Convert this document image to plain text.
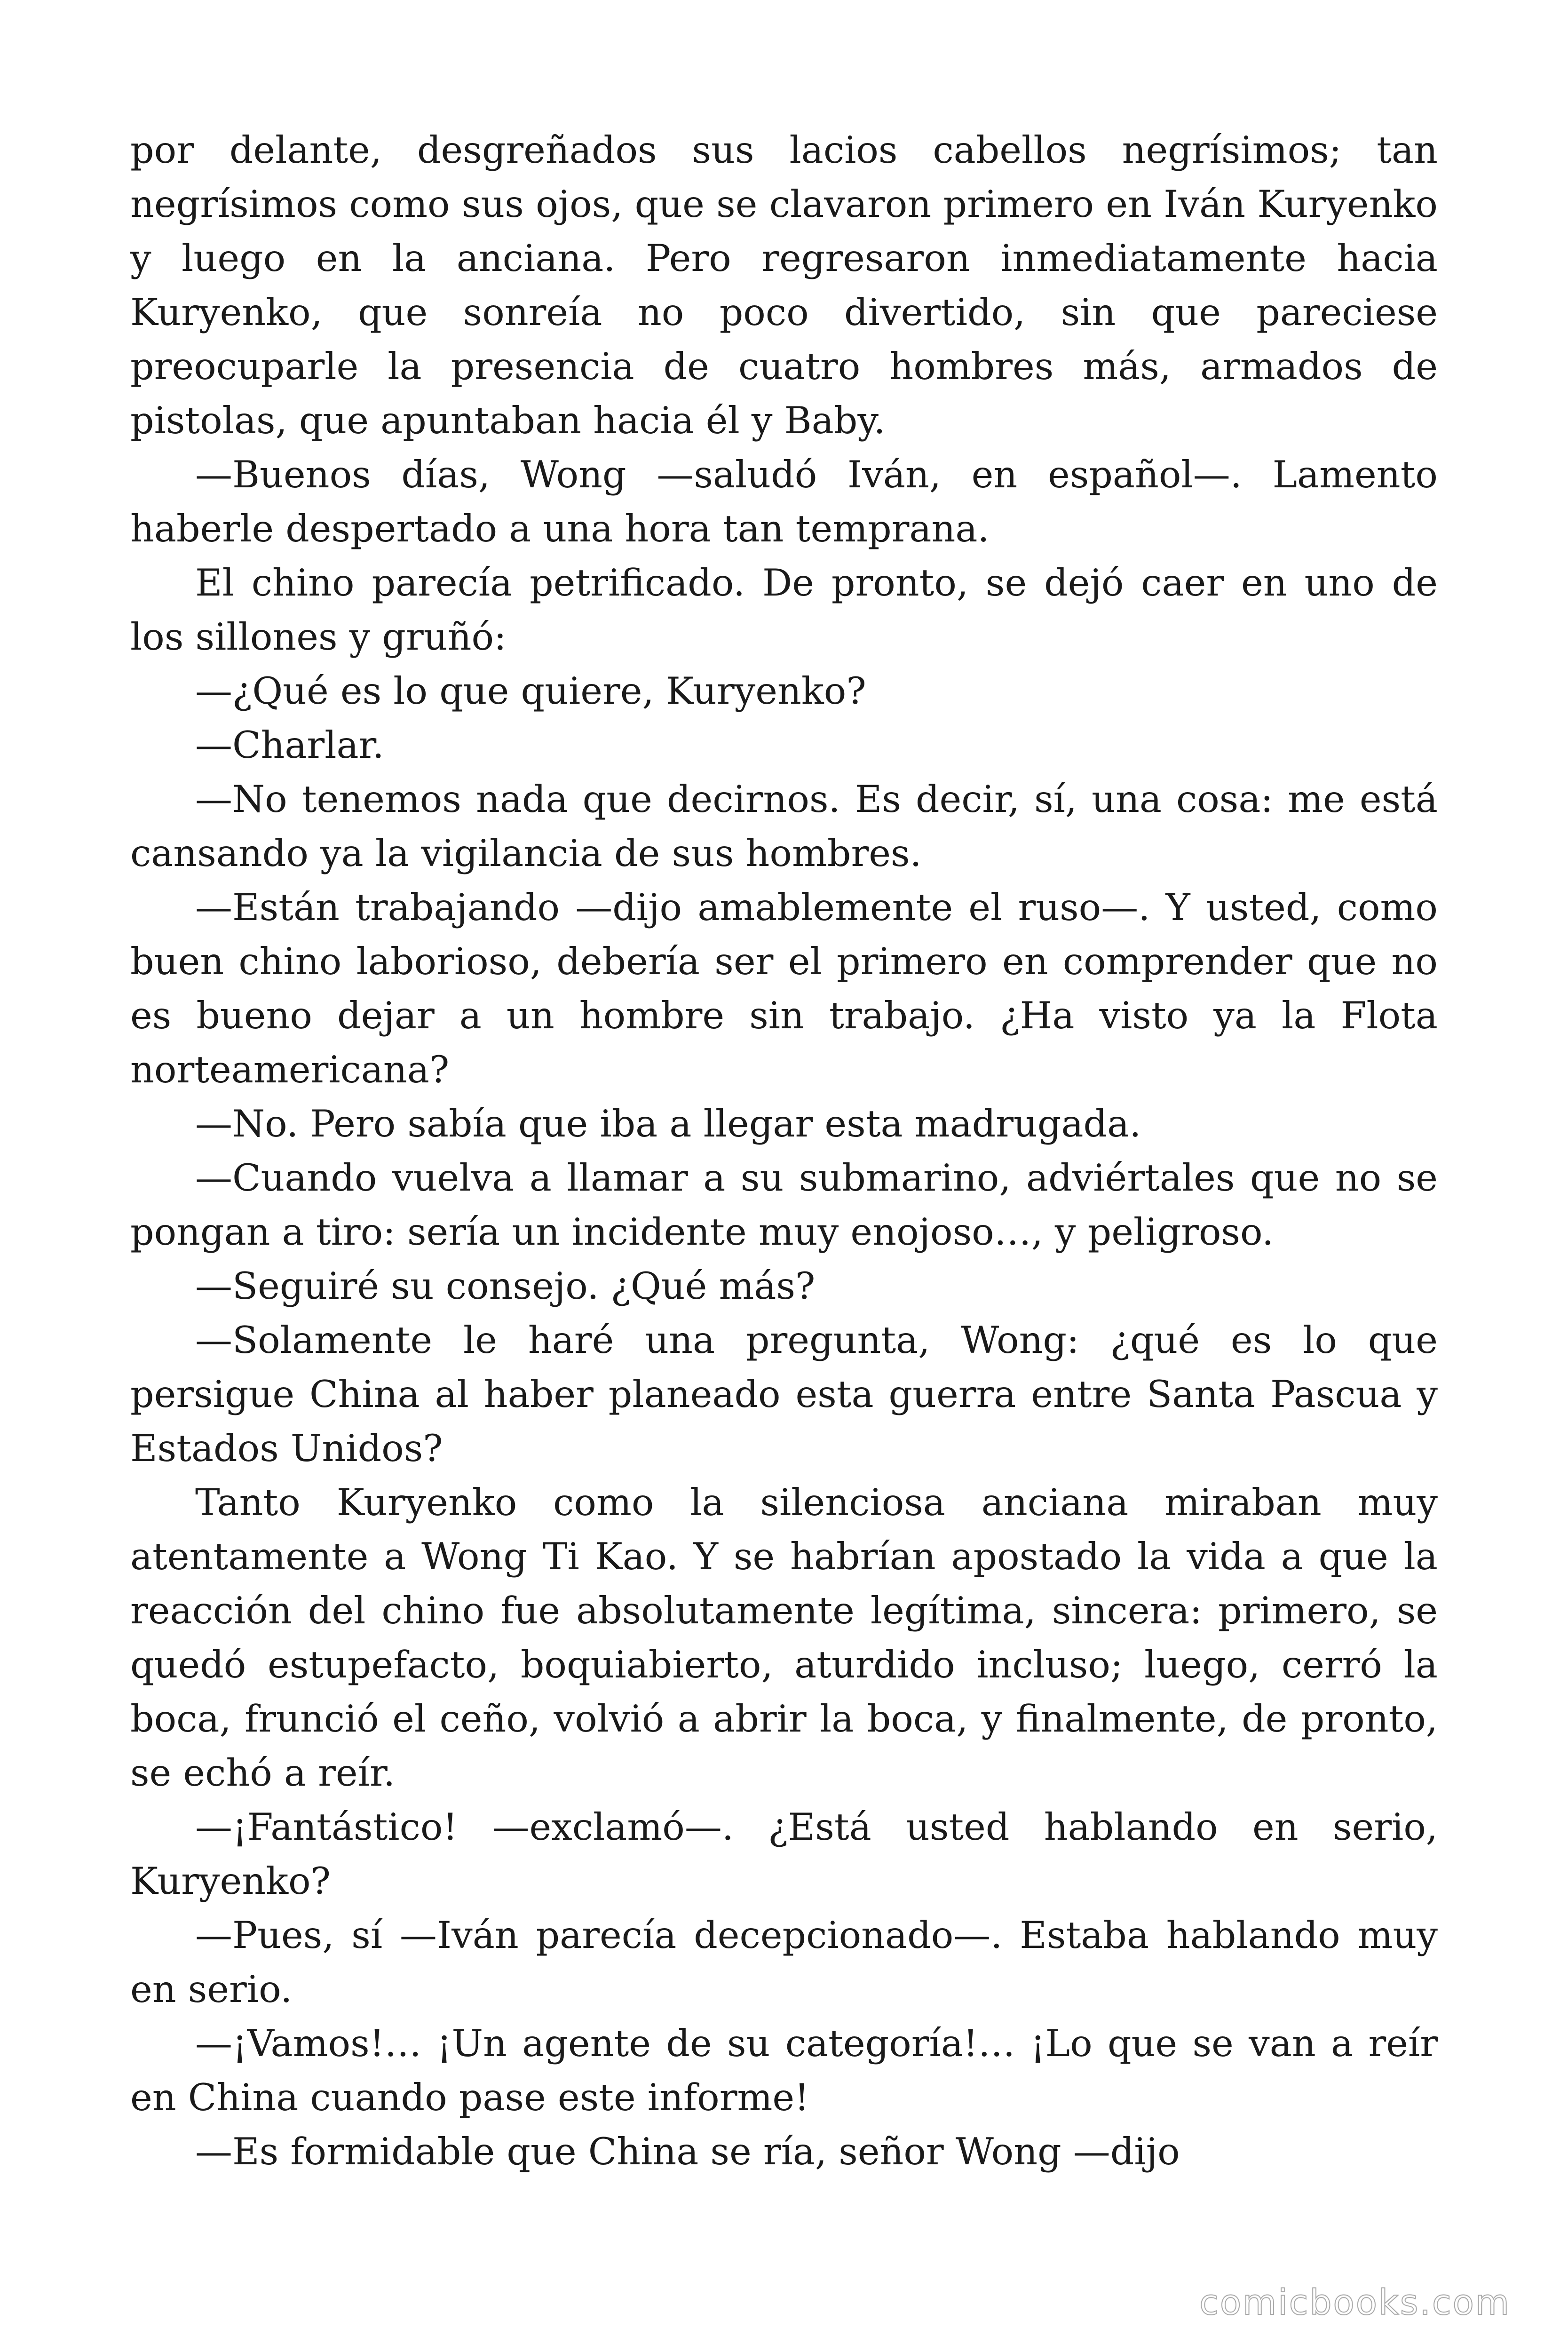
por delante, desgreñados sus lacios cabellos negrísimos; tan negrísimos como sus ojos, que se clavaron primero en Iván Kuryenko y luego en la anciana. Pero regresaron inmediatamente hacia Kuryenko, que sonreía no poco divertido, sin que pareciese preocuparle la presencia de cuatro hombres más, armados de pistolas, que apuntaban hacia él y Baby.

—Buenos días, Wong —saludó Iván, en español—. Lamento haberle despertado a una hora tan temprana.

El chino parecía petrificado. De pronto, se dejó caer en uno de los sillones y gruñó:

—¿Qué es lo que quiere, Kuryenko?

—Charlar.

—No tenemos nada que decirnos. Es decir, sí, una cosa: me está cansando ya la vigilancia de sus hombres.

—Están trabajando —dijo amablemente el ruso—. Y usted, como buen chino laborioso, debería ser el primero en comprender que no es bueno dejar a un hombre sin trabajo. ¿Ha visto ya la Flota norteamericana?

—No. Pero sabía que iba a llegar esta madrugada.

—Cuando vuelva a llamar a su submarino, adviértales que no se pongan a tiro: sería un incidente muy enojoso…, y peligroso.

—Seguiré su consejo. ¿Qué más?

—Solamente le haré una pregunta, Wong: ¿qué es lo que persigue China al haber planeado esta guerra entre Santa Pascua y Estados Unidos?

Tanto Kuryenko como la silenciosa anciana miraban muy atentamente a Wong Ti Kao. Y se habrían apostado la vida a que la reacción del chino fue absolutamente legítima, sincera: primero, se quedó estupefacto, boquiabierto, aturdido incluso; luego, cerró la boca, frunció el ceño, volvió a abrir la boca, y finalmente, de pronto, se echó a reír.

—¡Fantástico! —exclamó—. ¿Está usted hablando en serio, Kuryenko?

—Pues, sí —Iván parecía decepcionado—. Estaba hablando muy en serio.

—¡Vamos!… ¡Un agente de su categoría!… ¡Lo que se van a reír en China cuando pase este informe!

—Es formidable que China se ría, señor Wong —dijo

comicbooks.com
